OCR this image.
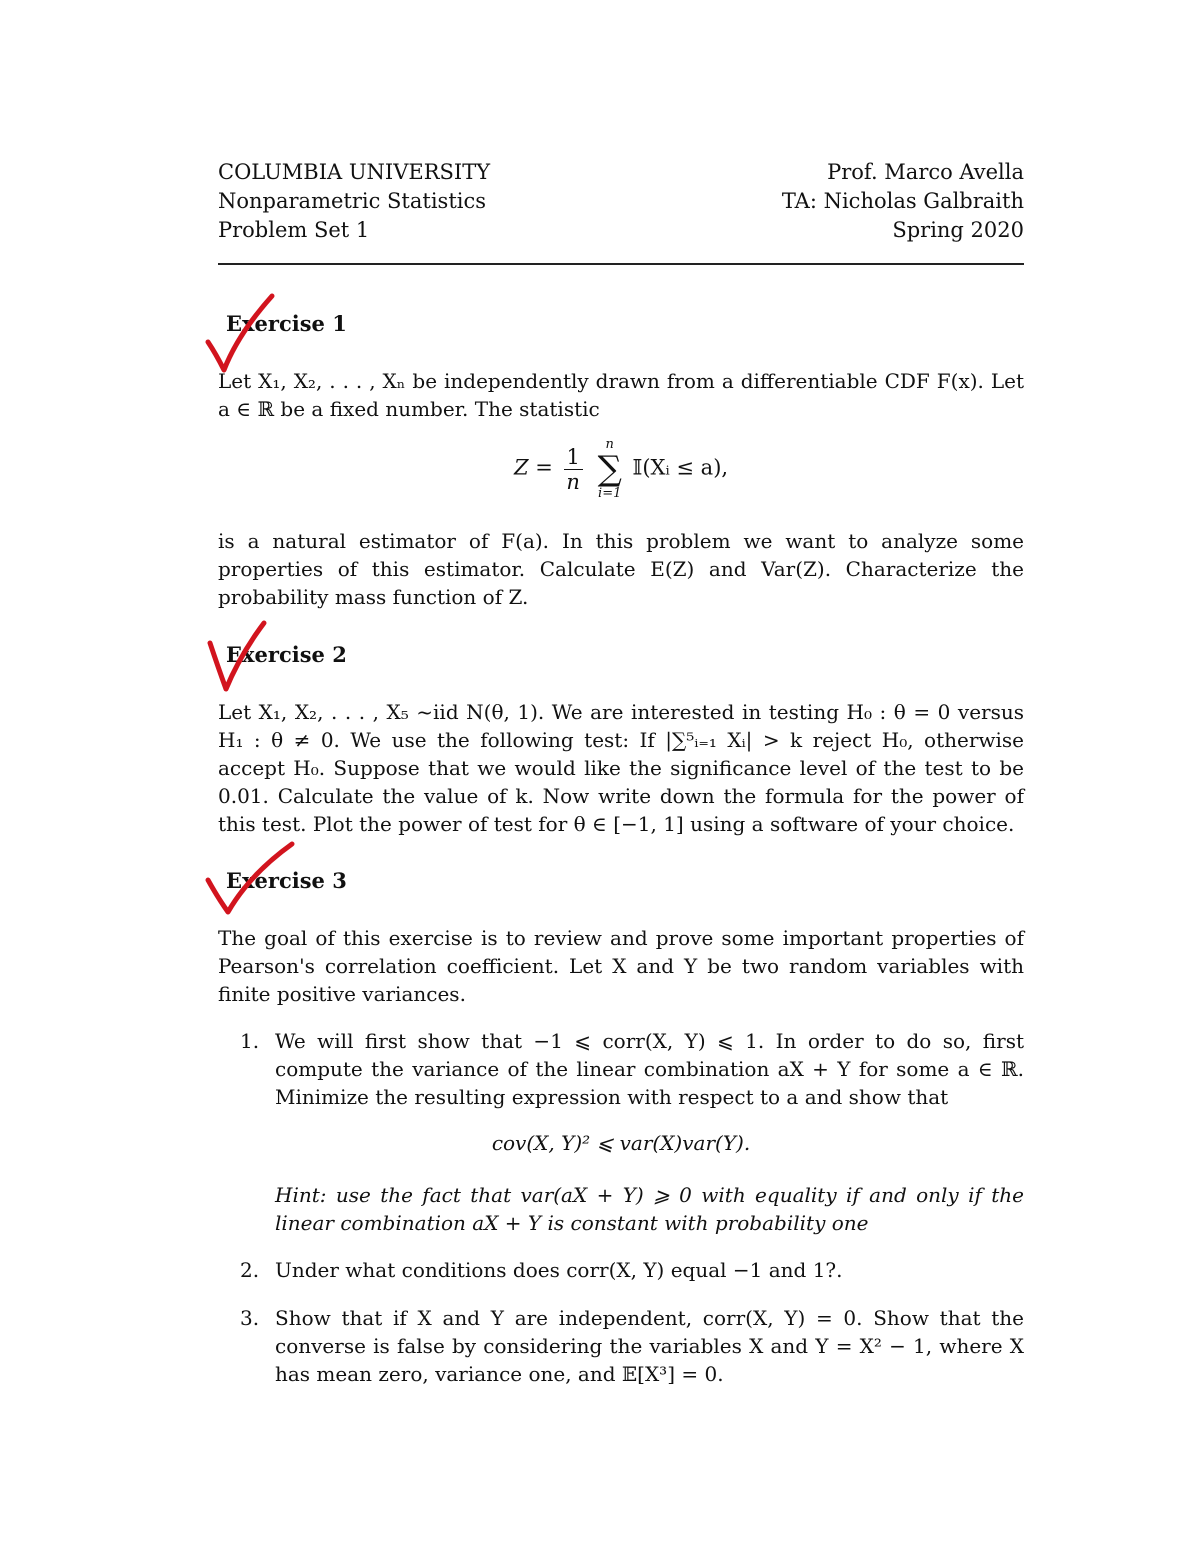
COLUMBIA UNIVERSITY	Prof. Marco Avella
Nonparametric Statistics	TA: Nicholas Galbraith
Problem Set 1	Spring 2020
Exercise 1
Let X₁, X₂, . . . , Xₙ be independently drawn from a differentiable CDF F(x). Let a ∈ ℝ be a fixed number. The statistic
$Z = \frac{1}{n}$
	n
∑
i=1
𝕀(Xᵢ ≤ a),
is a natural estimator of F(a). In this problem we want to analyze some properties of this estimator. Calculate E(Z) and Var(Z). Characterize the probability mass function of Z.
Exercise 2
Let X₁, X₂, . . . , X₅ ~iid N(θ, 1). We are interested in testing H₀ : θ = 0 versus H₁ : θ ≠ 0. We use the following test: If |∑⁵ᵢ₌₁ Xᵢ| > k reject H₀, otherwise accept H₀. Suppose that we would like the significance level of the test to be 0.01. Calculate the value of k. Now write down the formula for the power of this test. Plot the power of test for θ ∈ [−1, 1] using a software of your choice.
Exercise 3
The goal of this exercise is to review and prove some important properties of Pearson's correlation coefficient. Let X and Y be two random variables with finite positive variances.
1. We will first show that −1 ⩽ corr(X, Y) ⩽ 1. In order to do so, first compute the variance of the linear combination aX + Y for some a ∈ ℝ. Minimize the resulting expression with respect to a and show that
cov(X, Y)² ⩽ var(X)var(Y).
Hint: use the fact that var(aX + Y) ⩾ 0 with equality if and only if the linear combination aX + Y is constant with probability one
2. Under what conditions does corr(X, Y) equal −1 and 1?.
3. Show that if X and Y are independent, corr(X, Y) = 0. Show that the converse is false by considering the variables X and Y = X² − 1, where X has mean zero, variance one, and 𝔼[X³] = 0.
